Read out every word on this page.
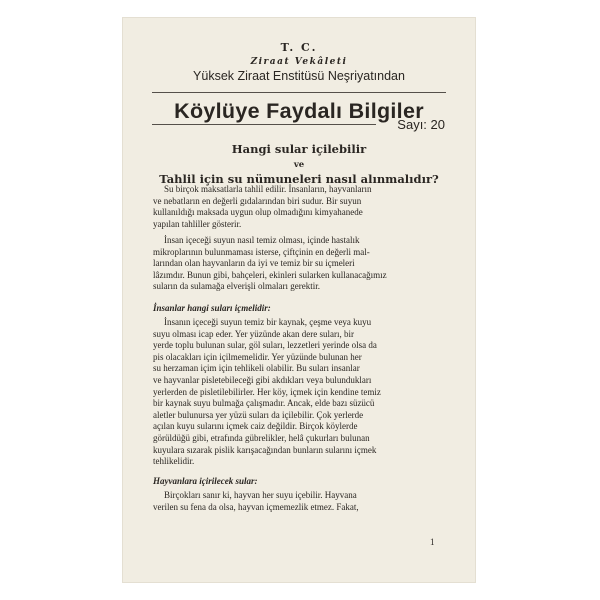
T. C.
Ziraat Vekâleti
Yüksek Ziraat Enstitüsü Neşriyatından
Köylüye Faydalı Bilgiler
Sayı: 20
Hangi sular içilebilir
ve
Tahlil için su nümuneleri nasıl alınmalıdır?
Su birçok maksatlarla tahlil edilir. İnsanların, hayvanların
ve nebatların en değerli gıdalarından biri sudur. Bir suyun
kullanıldığı maksada uygun olup olmadığını kimyahanede
yapılan tahliller gösterir.
İnsan içeceği suyun nasıl temiz olması, içinde hastalık
mikroplarının bulunmaması isterse, çiftçinin en değerli mal-
larından olan hayvanların da iyi ve temiz bir su içmeleri
lâzımdır. Bunun gibi, bahçeleri, ekinleri sularken kullanacağımız
suların da sulamağa elverişli olmaları gerektir.
İnsanlar hangi suları içmelidir:
İnsanın içeceği suyun temiz bir kaynak, çeşme veya kuyu
suyu olması icap eder. Yer yüzünde akan dere suları, bir
yerde toplu bulunan sular, göl suları, lezzetleri yerinde olsa da
pis olacakları için içilmemelidir. Yer yüzünde bulunan her
su herzaman içim için tehlikeli olabilir. Bu suları insanlar
ve hayvanlar pisletebileceği gibi akdıkları veya bulundukları
yerlerden de pisletilebilirler. Her köy, içmek için kendine temiz
bir kaynak suyu bulmağa çalışmadır. Ancak, elde bazı süzücü
aletler bulunursa yer yüzü suları da içilebilir. Çok yerlerde
açılan kuyu sularını içmek caiz değildir. Birçok köylerde
görüldüğü gibi, etrafında gübrelikler, helâ çukurları bulunan
kuyulara sızarak pislik karışacağından bunların sularını içmek
tehlikelidir.
Hayvanlara içirilecek sular:
Birçokları sanır ki, hayvan her suyu içebilir. Hayvana
verilen su fena da olsa, hayvan içmemezlik etmez. Fakat,
1
